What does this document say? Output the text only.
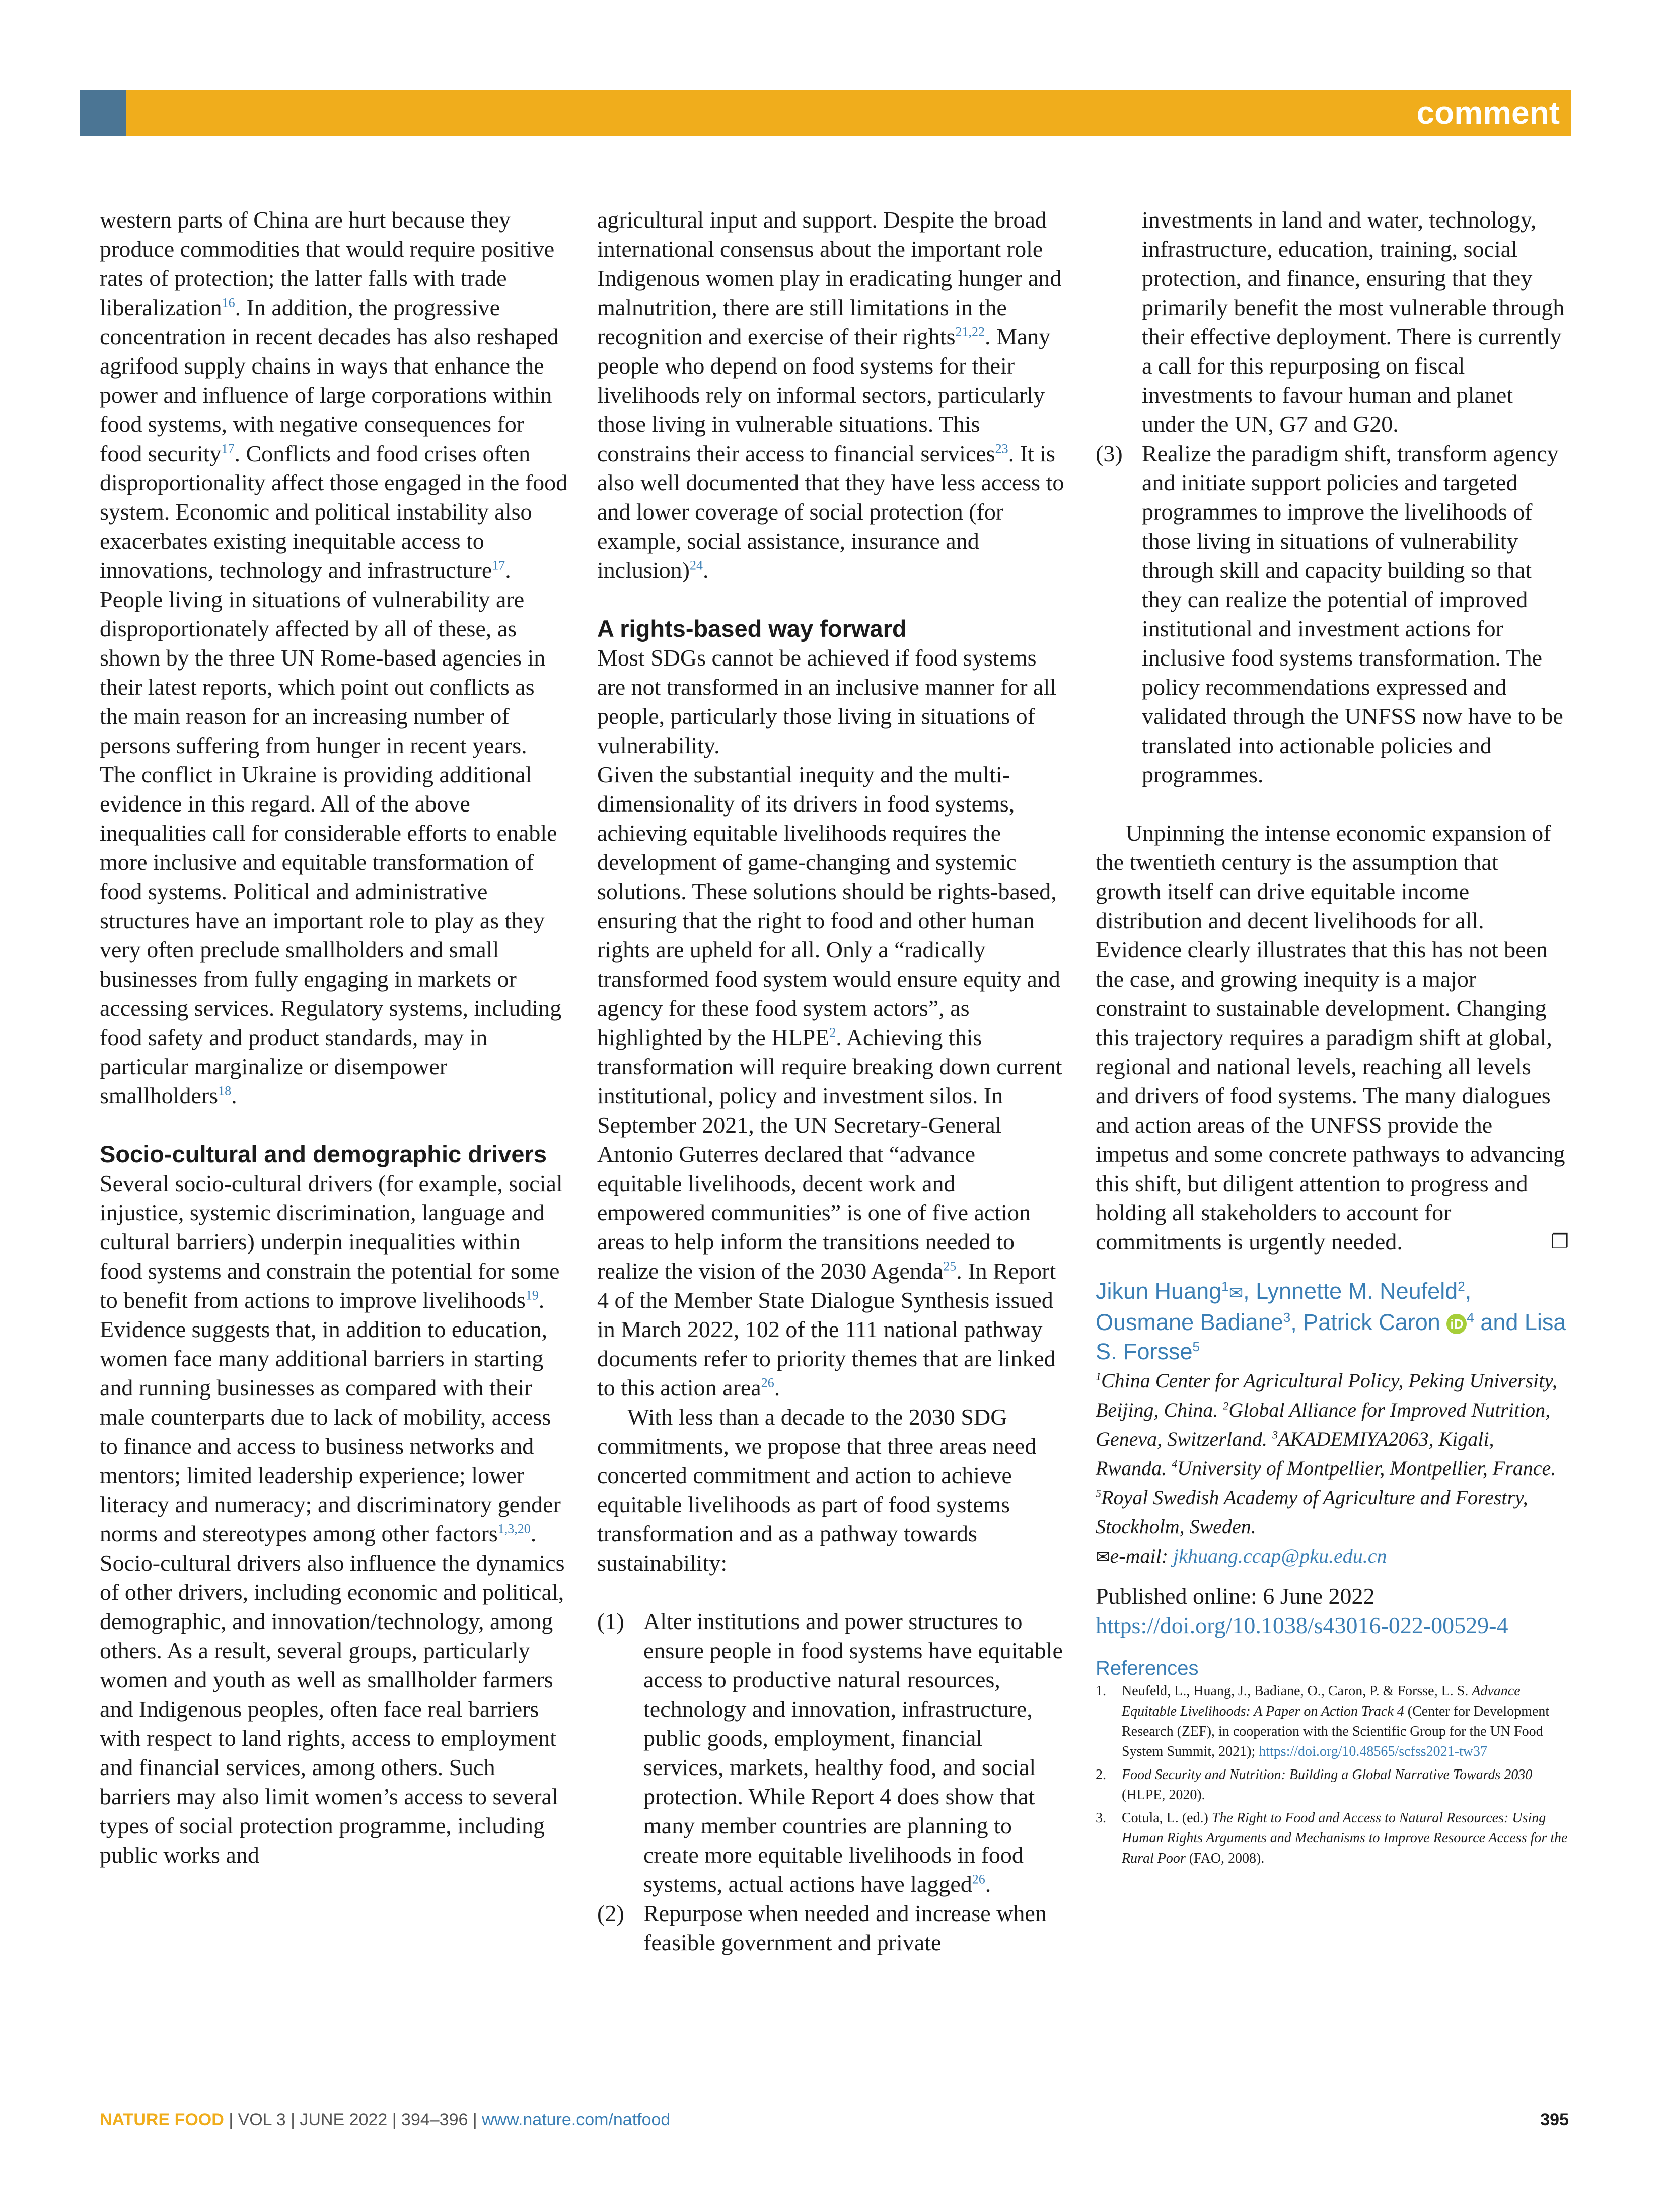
comment

western parts of China are hurt because they produce commodities that would require positive rates of protection; the latter falls with trade liberalization$^{16}$. In addition, the progressive concentration in recent decades has also reshaped agrifood supply chains in ways that enhance the power and influence of large corporations within food systems, with negative consequences for food security$^{17}$. Conflicts and food crises often disproportionality affect those engaged in the food system. Economic and political instability also exacerbates existing inequitable access to innovations, technology and infrastructure$^{17}$. People living in situations of vulnerability are disproportionately affected by all of these, as shown by the three UN Rome-based agencies in their latest reports, which point out conflicts as the main reason for an increasing number of persons suffering from hunger in recent years. The conflict in Ukraine is providing additional evidence in this regard. All of the above inequalities call for considerable efforts to enable more inclusive and equitable transformation of food systems. Political and administrative structures have an important role to play as they very often preclude smallholders and small businesses from fully engaging in markets or accessing services. Regulatory systems, including food safety and product standards, may in particular marginalize or disempower smallholders$^{18}$.

Socio-cultural and demographic drivers

Several socio-cultural drivers (for example, social injustice, systemic discrimination, language and cultural barriers) underpin inequalities within food systems and constrain the potential for some to benefit from actions to improve livelihoods$^{19}$. Evidence suggests that, in addition to education, women face many additional barriers in starting and running businesses as compared with their male counterparts due to lack of mobility, access to finance and access to business networks and mentors; limited leadership experience; lower literacy and numeracy; and discriminatory gender norms and stereotypes among other factors$^{1,3,20}$. Socio-cultural drivers also influence the dynamics of other drivers, including economic and political, demographic, and innovation/technology, among others. As a result, several groups, particularly women and youth as well as smallholder farmers and Indigenous peoples, often face real barriers with respect to land rights, access to employment and financial services, among others. Such barriers may also limit women’s access to several types of social protection programme, including public works and

agricultural input and support. Despite the broad international consensus about the important role Indigenous women play in eradicating hunger and malnutrition, there are still limitations in the recognition and exercise of their rights$^{21,22}$. Many people who depend on food systems for their livelihoods rely on informal sectors, particularly those living in vulnerable situations. This constrains their access to financial services$^{23}$. It is also well documented that they have less access to and lower coverage of social protection (for example, social assistance, insurance and inclusion)$^{24}$.

A rights-based way forward

Most SDGs cannot be achieved if food systems are not transformed in an inclusive manner for all people, particularly those living in situations of vulnerability.

Given the substantial inequity and the multi-dimensionality of its drivers in food systems, achieving equitable livelihoods requires the development of game-changing and systemic solutions. These solutions should be rights-based, ensuring that the right to food and other human rights are upheld for all. Only a “radically transformed food system would ensure equity and agency for these food system actors”, as highlighted by the HLPE$^2$. Achieving this transformation will require breaking down current institutional, policy and investment silos. In September 2021, the UN Secretary-General Antonio Guterres declared that “advance equitable livelihoods, decent work and empowered communities” is one of five action areas to help inform the transitions needed to realize the vision of the 2030 Agenda$^{25}$. In Report 4 of the Member State Dialogue Synthesis issued in March 2022, 102 of the 111 national pathway documents refer to priority themes that are linked to this action area$^{26}$.

With less than a decade to the 2030 SDG commitments, we propose that three areas need concerted commitment and action to achieve equitable livelihoods as part of food systems transformation and as a pathway towards sustainability:

(1) Alter institutions and power structures to ensure people in food systems have equitable access to productive natural resources, technology and innovation, infrastructure, public goods, employment, financial services, markets, healthy food, and social protection. While Report 4 does show that many member countries are planning to create more equitable livelihoods in food systems, actual actions have lagged$^{26}$.
(2) Repurpose when needed and increase when feasible government and private
investments in land and water, technology, infrastructure, education, training, social protection, and finance, ensuring that they primarily benefit the most vulnerable through their effective deployment. There is currently a call for this repurposing on fiscal investments to favour human and planet under the UN, G7 and G20.
(3) Realize the paradigm shift, transform agency and initiate support policies and targeted programmes to improve the livelihoods of those living in situations of vulnerability through skill and capacity building so that they can realize the potential of improved institutional and investment actions for inclusive food systems transformation. The policy recommendations expressed and validated through the UNFSS now have to be translated into actionable policies and programmes.

Unpinning the intense economic expansion of the twentieth century is the assumption that growth itself can drive equitable income distribution and decent livelihoods for all. Evidence clearly illustrates that this has not been the case, and growing inequity is a major constraint to sustainable development. Changing this trajectory requires a paradigm shift at global, regional and national levels, reaching all levels and drivers of food systems. The many dialogues and action areas of the UNFSS provide the impetus and some concrete pathways to advancing this shift, but diligent attention to progress and holding all stakeholders to account for commitments is urgently needed.	❐

Jikun Huang$^1$✉, Lynnette M. Neufeld$^2$, Ousmane Badiane$^3$, Patrick Caron iD $^4$ and Lisa S. Forsse$^5$

$^1$China Center for Agricultural Policy, Peking University, Beijing, China. $^2$Global Alliance for Improved Nutrition, Geneva, Switzerland. $^3$AKADEMIYA2063, Kigali, Rwanda. $^4$University of Montpellier, Montpellier, France. $^5$Royal Swedish Academy of Agriculture and Forestry, Stockholm, Sweden.

✉e-mail: jkhuang.ccap@pku.edu.cn

Published online: 6 June 2022

https://doi.org/10.1038/s43016-022-00529-4

References

1. Neufeld, L., Huang, J., Badiane, O., Caron, P. & Forsse, L. S. Advance Equitable Livelihoods: A Paper on Action Track 4 (Center for Development Research (ZEF), in cooperation with the Scientific Group for the UN Food System Summit, 2021); https://doi.org/10.48565/scfss2021-tw37
2. Food Security and Nutrition: Building a Global Narrative Towards 2030 (HLPE, 2020).
3. Cotula, L. (ed.) The Right to Food and Access to Natural Resources: Using Human Rights Arguments and Mechanisms to Improve Resource Access for the Rural Poor (FAO, 2008).
NATURE FOOD | VOL 3 | JUNE 2022 | 394–396 | www.nature.com/natfood	395
